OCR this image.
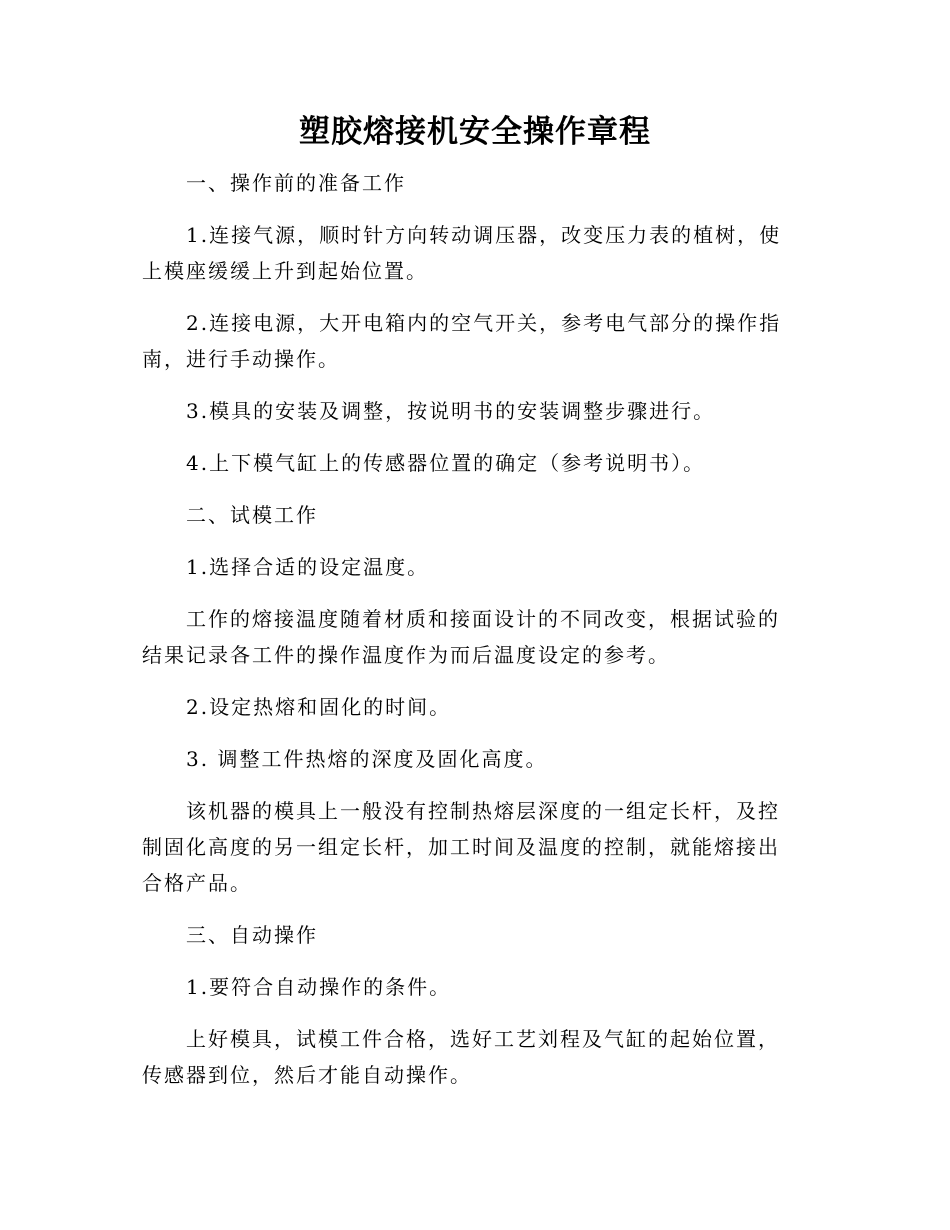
塑胶熔接机安全操作章程

一、操作前的准备工作

1.连接气源，顺时针方向转动调压器，改变压力表的植树，使上模座缓缓上升到起始位置。

2.连接电源，大开电箱内的空气开关，参考电气部分的操作指南，进行手动操作。

3.模具的安装及调整，按说明书的安装调整步骤进行。

4.上下模气缸上的传感器位置的确定（参考说明书）。

二、试模工作

1.选择合适的设定温度。

工作的熔接温度随着材质和接面设计的不同改变，根据试验的结果记录各工件的操作温度作为而后温度设定的参考。

2.设定热熔和固化的时间。

3. 调整工件热熔的深度及固化高度。

该机器的模具上一般没有控制热熔层深度的一组定长杆，及控制固化高度的另一组定长杆，加工时间及温度的控制，就能熔接出合格产品。

三、自动操作

1.要符合自动操作的条件。

上好模具，试模工件合格，选好工艺刘程及气缸的起始位置，传感器到位，然后才能自动操作。
